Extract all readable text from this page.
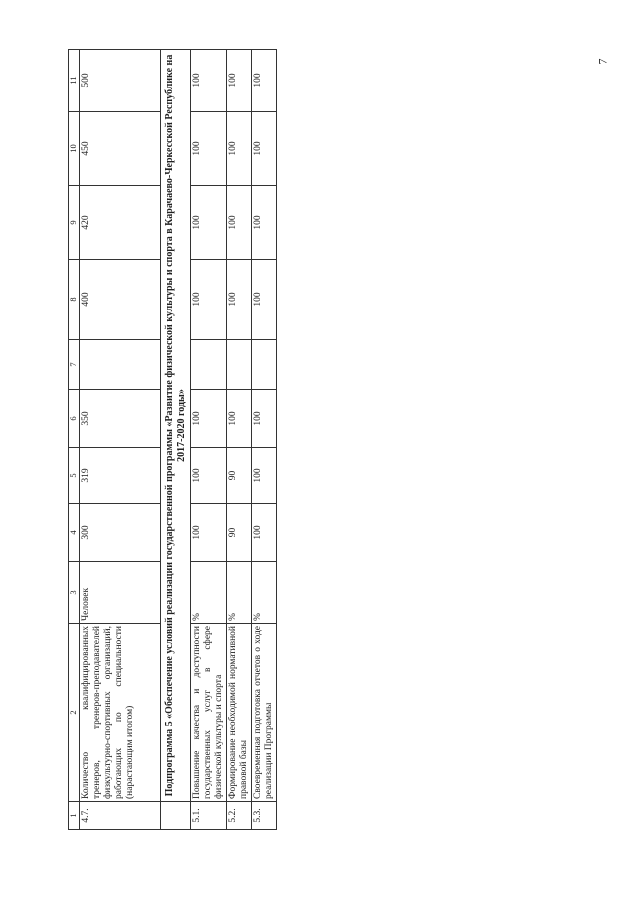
7
1	2	3	4	5	6	7	8	9	10	11
4.7.	Количество квалифицированных тренеров, тренеров-преподавателей физкультурно-спортивных организаций, работающих по специальности (нарастающим итогом)	Человек	300	319	350		400	420	450	500
	Подпрограмма 5 «Обеспечение условий реализации государственной программы «Развитие физической культуры и спорта в Карачаево-Черкесской Республике на 2017-2020 годы»									
5.1.	Повышение качества и доступности государственных услуг в сфере физической культуры и спорта	%	100	100	100		100	100	100	100
5.2.	Формирование необходимой нормативной правовой базы	%	90	90	100		100	100	100	100
5.3.	Своевременная подготовка отчетов о ходе реализации Программы	%	100	100	100		100	100	100	100
